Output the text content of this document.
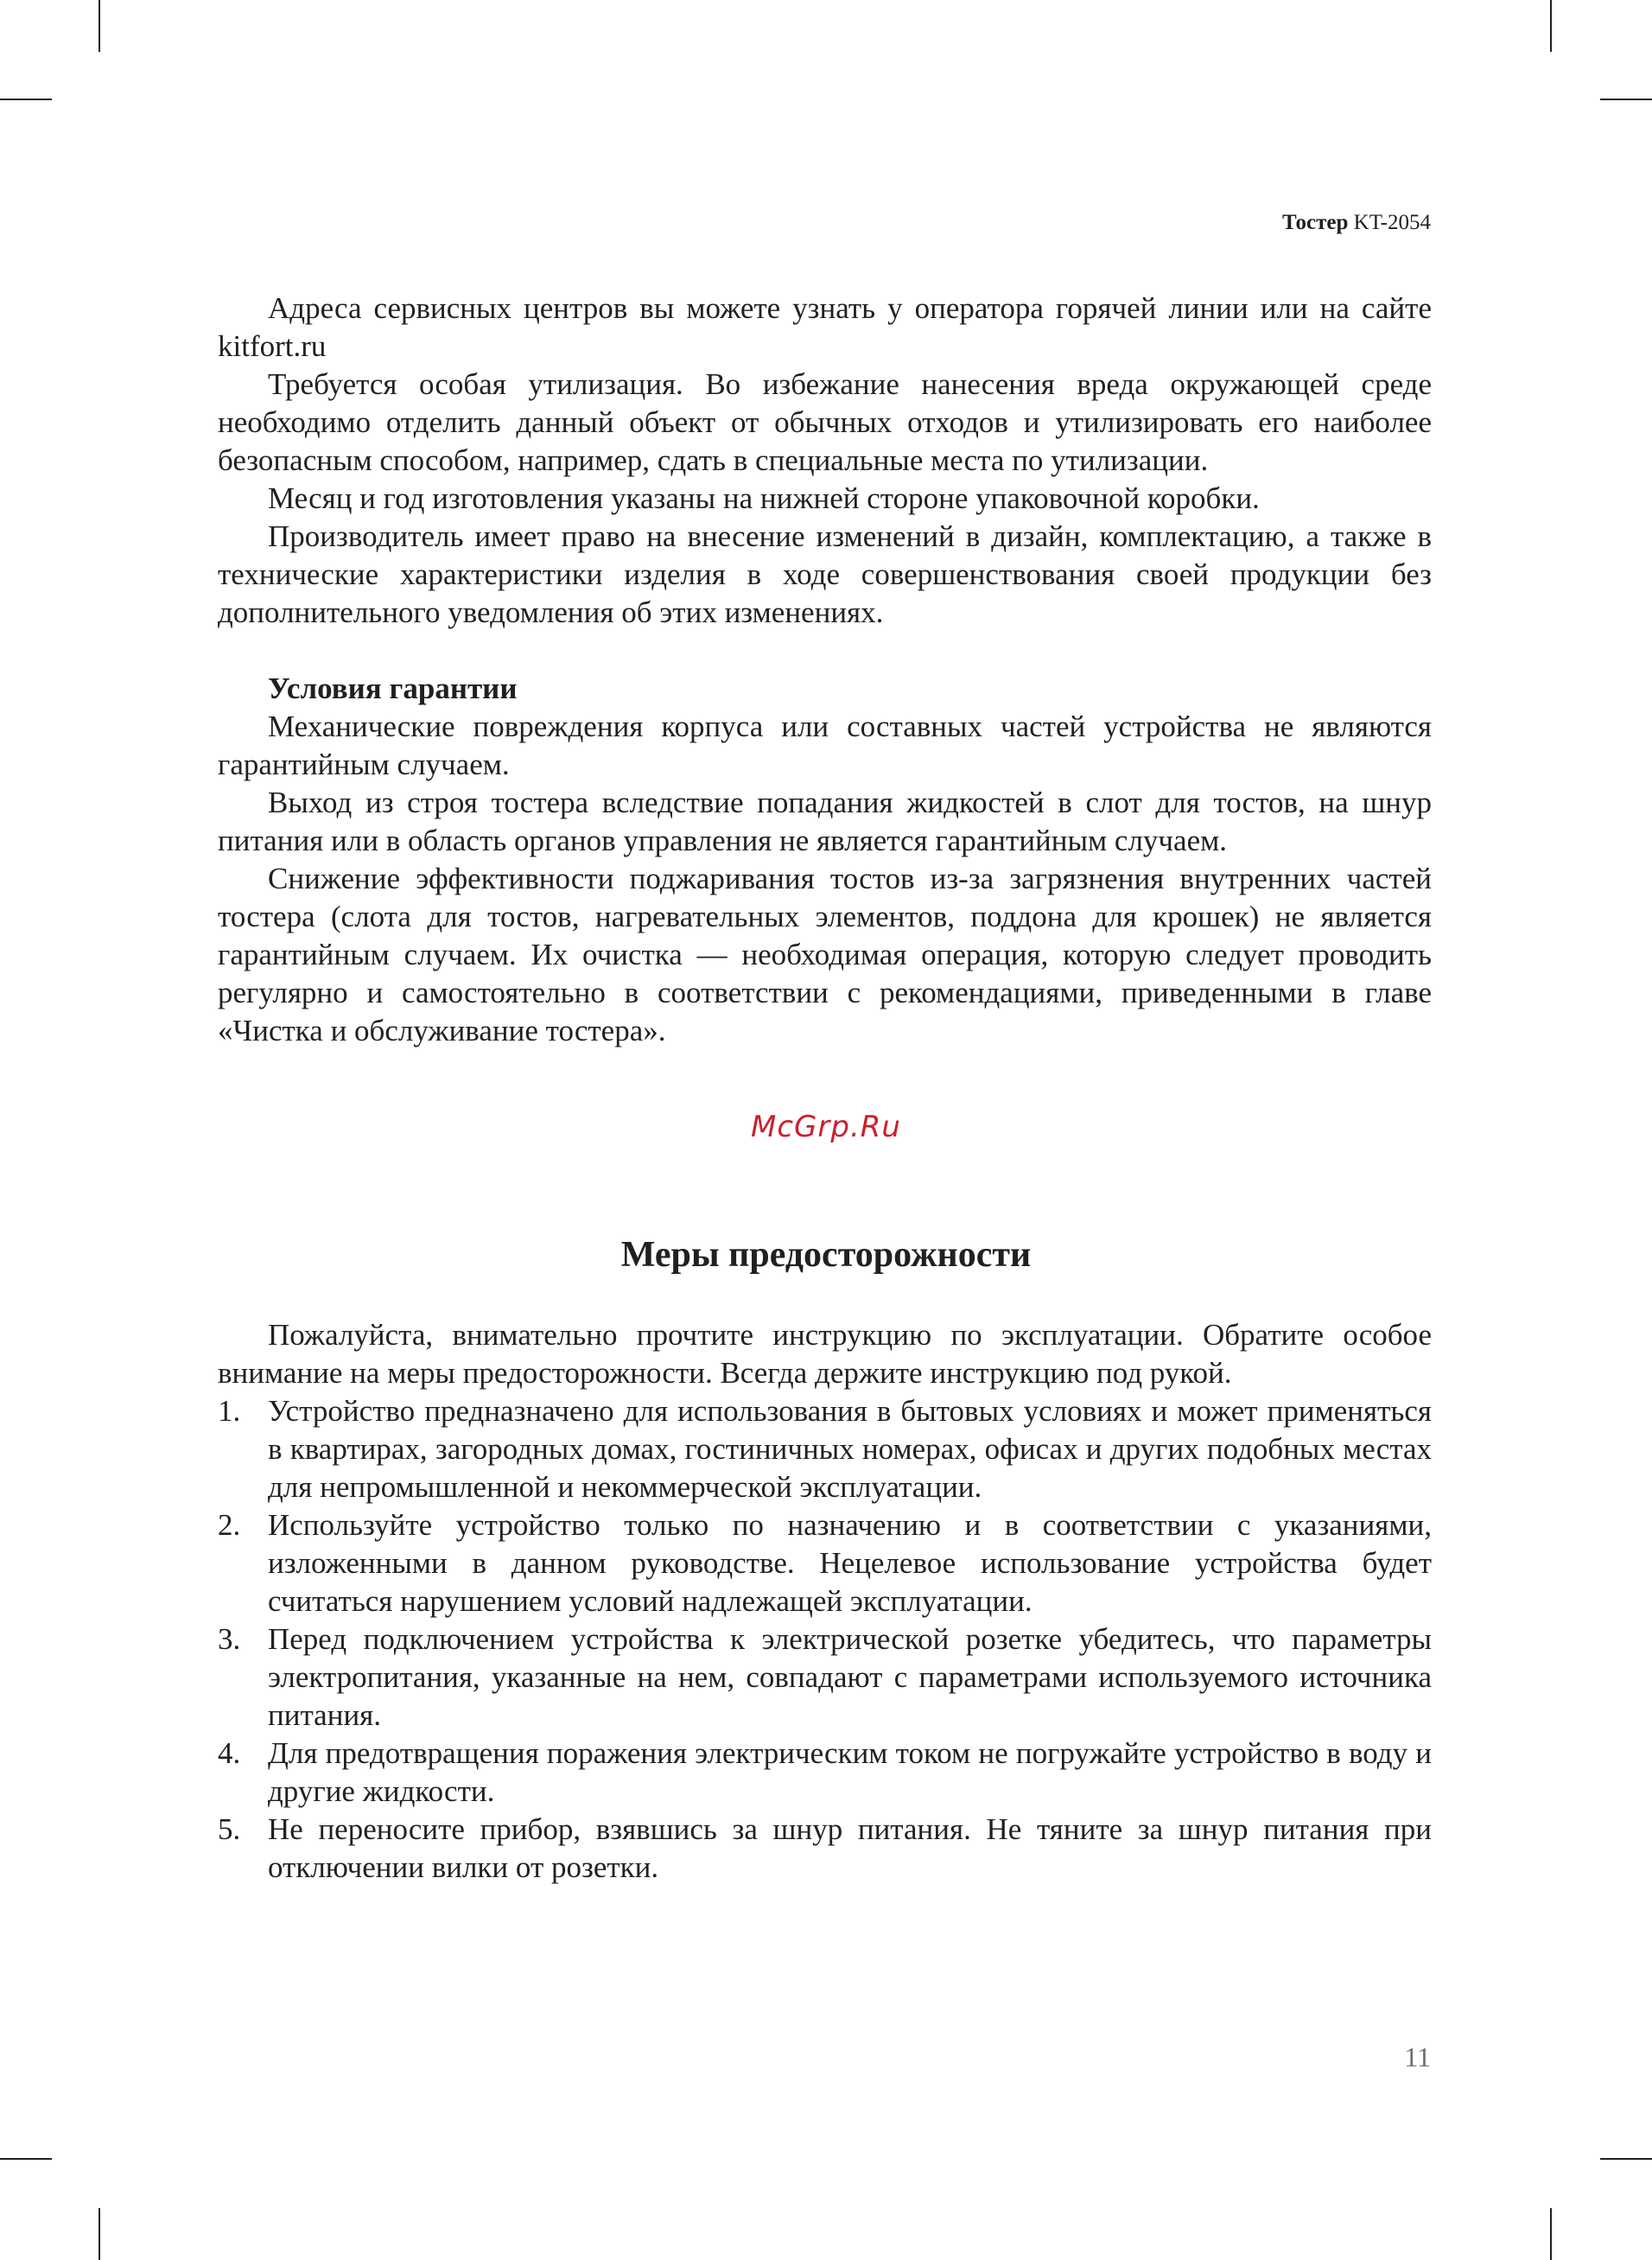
Тостер KT-2054

Адреса сервисных центров вы можете узнать у оператора горячей линии или на сайте kitfort.ru

Требуется особая утилизация. Во избежание нанесения вреда окружающей среде необходимо отделить данный объект от обычных отходов и утилизировать его наиболее безопасным способом, например, сдать в специальные места по утилизации.

Месяц и год изготовления указаны на нижней стороне упаковочной коробки.

Производитель имеет право на внесение изменений в дизайн, комплектацию, а также в технические характеристики изделия в ходе совершенствования своей продукции без дополнительного уведомления об этих изменениях.

Условия гарантии

Механические повреждения корпуса или составных частей устройства не являются гарантийным случаем.

Выход из строя тостера вследствие попадания жидкостей в слот для тостов, на шнур питания или в область органов управления не является гарантийным случаем.

Снижение эффективности поджаривания тостов из-за загрязнения внутренних частей тостера (слота для тостов, нагревательных элементов, поддона для крошек) не является гарантийным случаем. Их очистка — необходимая операция, которую следует проводить регулярно и самостоятельно в соответствии с рекомендациями, приведенными в главе «Чистка и обслуживание тостера».

McGrp.Ru
Меры предосторожности

Пожалуйста, внимательно прочтите инструкцию по эксплуатации. Обратите особое внимание на меры предосторожности. Всегда держите инструкцию под рукой.

1. Устройство предназначено для использования в бытовых условиях и может применяться в квартирах, загородных домах, гостиничных номерах, офисах и других подобных местах для непромышленной и некоммерческой эксплуатации.
2. Используйте устройство только по назначению и в соответствии с указаниями, изложенными в данном руководстве. Нецелевое использование устройства будет считаться нарушением условий надлежащей эксплуатации.
3. Перед подключением устройства к электрической розетке убедитесь, что параметры электропитания, указанные на нем, совпадают с параметрами используемого источника питания.
4. Для предотвращения поражения электрическим током не погружайте устройство в воду и другие жидкости.
5. Не переносите прибор, взявшись за шнур питания. Не тяните за шнур питания при отключении вилки от розетки.
11
